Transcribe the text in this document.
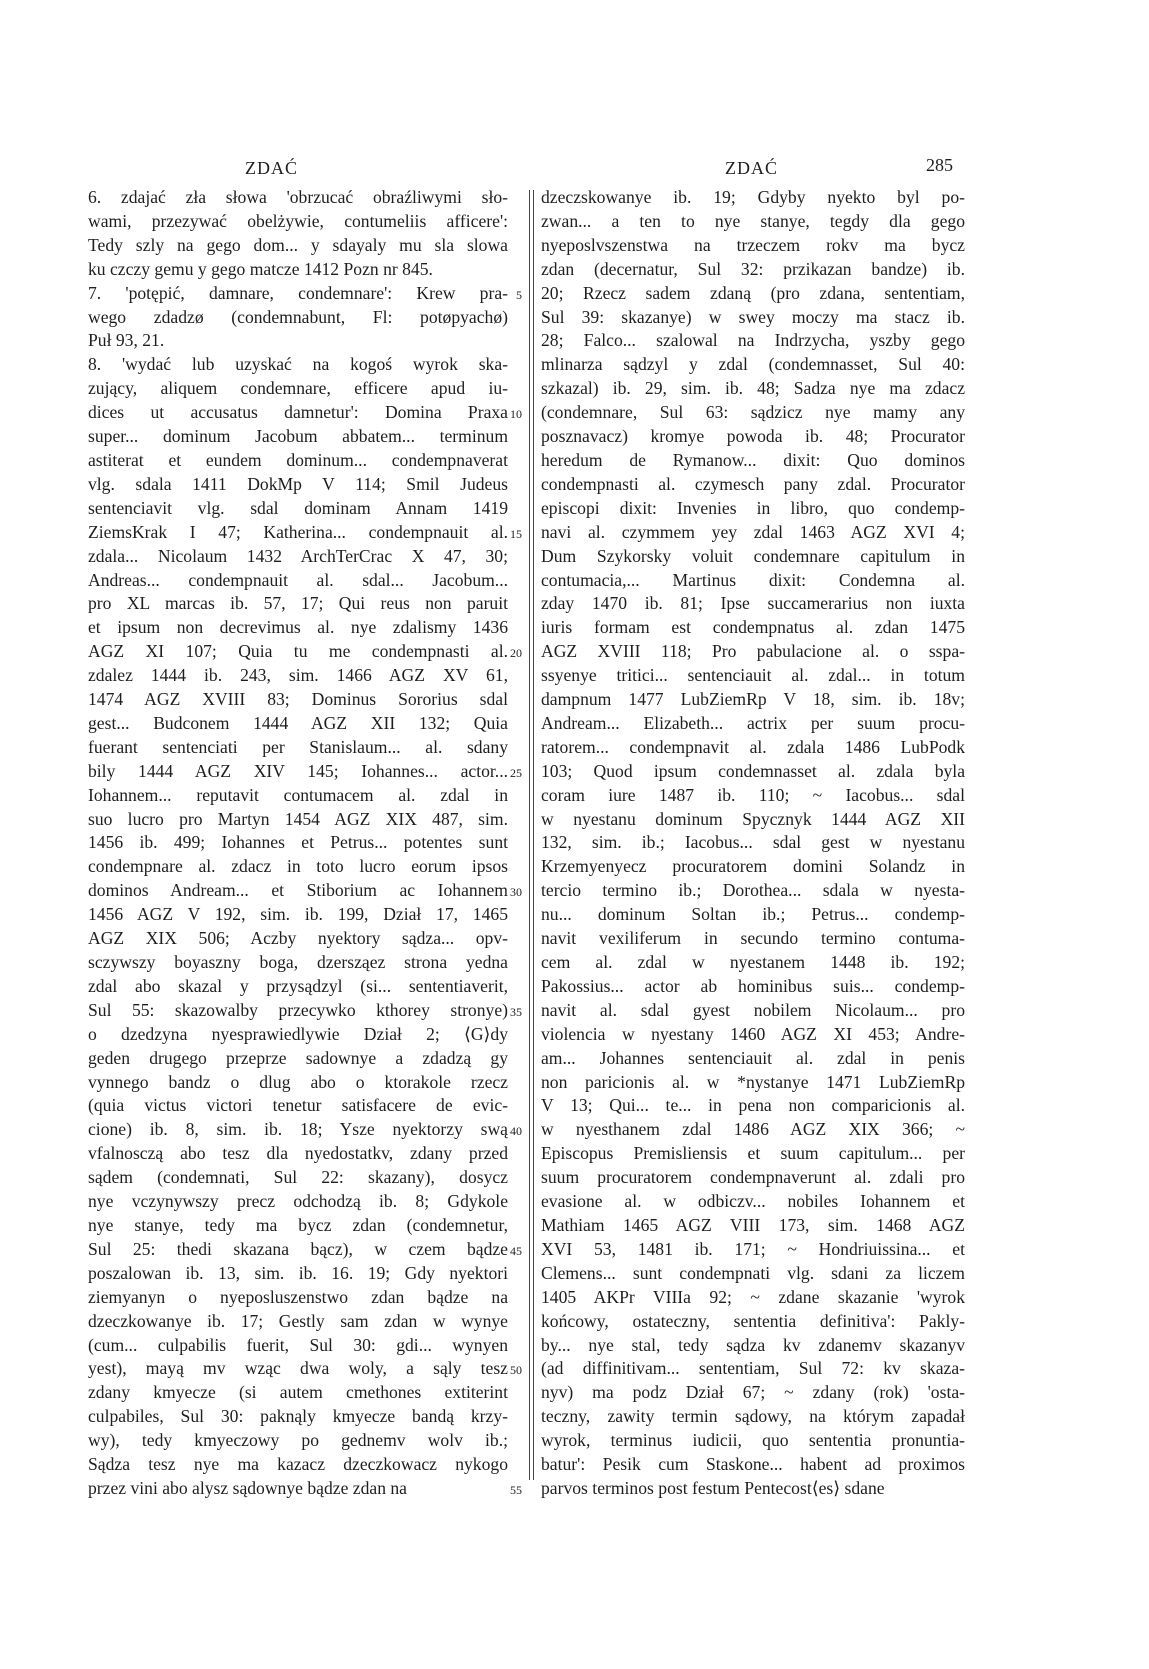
ZDAĆ	ZDAĆ	285
6. zdajać zła słowa 'obrzucać obraźliwymi sło-
wami, przezywać obelżywie, contumeliis afficere':
Tedy szly na gego dom... y sdayaly mu sla slowa
ku czczy gemu y gego matcze 1412 Pozn nr 845.
7. 'potępić, damnare, condemnare': Krew pra-
wego zdadzø (condemnabunt, Fl: potøpyachø)
Puł 93, 21.
8. 'wydać lub uzyskać na kogoś wyrok ska-
zujący, aliquem condemnare, efficere apud iu-
dices ut accusatus damnetur': Domina Praxa
super... dominum Jacobum abbatem... terminum
astiterat et eundem dominum... condempnaverat
vlg. sdala 1411 DokMp V 114; Smil Judeus
sentenciavit vlg. sdal dominam Annam 1419
ZiemsKrak I 47; Katherina... condempnauit al.
zdala... Nicolaum 1432 ArchTerCrac X 47, 30;
Andreas... condempnauit al. sdal... Jacobum...
pro XL marcas ib. 57, 17; Qui reus non paruit
et ipsum non decrevimus al. nye zdalismy 1436
AGZ XI 107; Quia tu me condempnasti al.
zdalez 1444 ib. 243, sim. 1466 AGZ XV 61,
1474 AGZ XVIII 83; Dominus Sororius sdal
gest... Budconem 1444 AGZ XII 132; Quia
fuerant sentenciati per Stanislaum... al. sdany
bily 1444 AGZ XIV 145; Iohannes... actor...
Iohannem... reputavit contumacem al. zdal in
suo lucro pro Martyn 1454 AGZ XIX 487, sim.
1456 ib. 499; Iohannes et Petrus... potentes sunt
condempnare al. zdacz in toto lucro eorum ipsos
dominos Andream... et Stiborium ac Iohannem
1456 AGZ V 192, sim. ib. 199, Dział 17, 1465
AGZ XIX 506; Aczby nyektory sądza... opv-
sczywszy boyaszny boga, dzersząez strona yedna
zdal abo skazal y przysądzyl (si... sententiaverit,
Sul 55: skazowalby przecywko kthorey stronye)
o dzedzyna nyesprawiedlywie Dział 2; ⟨G⟩dy
geden drugego przeprze sadownye a zdadzą gy
vynnego bandz o dlug abo o ktorakole rzecz
(quia victus victori tenetur satisfacere de evic-
cione) ib. 8, sim. ib. 18; Ysze nyektorzy swą
vfalnosczą abo tesz dla nyedostatkv, zdany przed
sądem (condemnati, Sul 22: skazany), dosycz
nye vczynywszy precz odchodzą ib. 8; Gdykole
nye stanye, tedy ma bycz zdan (condemnetur,
Sul 25: thedi skazana bącz), w czem bądze
poszalowan ib. 13, sim. ib. 16. 19; Gdy nyektori
ziemyanyn o nyeposluszenstwo zdan bądze na
dzeczkowanye ib. 17; Gestly sam zdan w wynye
(cum... culpabilis fuerit, Sul 30: gdi... wynyen
yest), mayą mv wząc dwa woly, a sąly tesz
zdany kmyecze (si autem cmethones extiterint
culpabiles, Sul 30: paknąly kmyecze bandą krzy-
wy), tedy kmyeczowy po gednemv wolv ib.;
Sądza tesz nye ma kazacz dzeczkowacz nykogo
przez vini abo alysz sądownye bądze zdan na
5
10
15
20
25
30
35
40
45
50
55
dzeczskowanye ib. 19; Gdyby nyekto byl po-
zwan... a ten to nye stanye, tegdy dla gego
nyeposlvszenstwa na trzeczem rokv ma bycz
zdan (decernatur, Sul 32: przikazan bandze) ib.
20; Rzecz sadem zdaną (pro zdana, sententiam,
Sul 39: skazanye) w swey moczy ma stacz ib.
28; Falco... szalowal na Indrzycha, yszby gego
mlinarza sądzyl y zdal (condemnasset, Sul 40:
szkazal) ib. 29, sim. ib. 48; Sadza nye ma zdacz
(condemnare, Sul 63: sądzicz nye mamy any
posznavacz) kromye powoda ib. 48; Procurator
heredum de Rymanow... dixit: Quo dominos
condempnasti al. czymesch pany zdal. Procurator
episcopi dixit: Invenies in libro, quo condemp-
navi al. czymmem yey zdal 1463 AGZ XVI 4;
Dum Szykorsky voluit condemnare capitulum in
contumacia,... Martinus dixit: Condemna al.
zday 1470 ib. 81; Ipse succamerarius non iuxta
iuris formam est condempnatus al. zdan 1475
AGZ XVIII 118; Pro pabulacione al. o sspa-
ssyenye tritici... sentenciauit al. zdal... in totum
dampnum 1477 LubZiemRp V 18, sim. ib. 18v;
Andream... Elizabeth... actrix per suum procu-
ratorem... condempnavit al. zdala 1486 LubPodk
103; Quod ipsum condemnasset al. zdala byla
coram iure 1487 ib. 110; ~ Iacobus... sdal
w nyestanu dominum Spycznyk 1444 AGZ XII
132, sim. ib.; Iacobus... sdal gest w nyestanu
Krzemyenyecz procuratorem domini Solandz in
tercio termino ib.; Dorothea... sdala w nyesta-
nu... dominum Soltan ib.; Petrus... condemp-
navit vexiliferum in secundo termino contuma-
cem al. zdal w nyestanem 1448 ib. 192;
Pakossius... actor ab hominibus suis... condemp-
navit al. sdal gyest nobilem Nicolaum... pro
violencia w nyestany 1460 AGZ XI 453; Andre-
am... Johannes sentenciauit al. zdal in penis
non paricionis al. w *nystanye 1471 LubZiemRp
V 13; Qui... te... in pena non comparicionis al.
w nyesthanem zdal 1486 AGZ XIX 366; ~
Episcopus Premisliensis et suum capitulum... per
suum procuratorem condempnaverunt al. zdali pro
evasione al. w odbiczv... nobiles Iohannem et
Mathiam 1465 AGZ VIII 173, sim. 1468 AGZ
XVI 53, 1481 ib. 171; ~ Hondriuissina... et
Clemens... sunt condempnati vlg. sdani za liczem
1405 AKPr VIIIa 92; ~ zdane skazanie 'wyrok
końcowy, ostateczny, sententia definitiva': Pakly-
by... nye stal, tedy sądza kv zdanemv skazanyv
(ad diffinitivam... sententiam, Sul 72: kv skaza-
nyv) ma podz Dział 67; ~ zdany (rok) 'osta-
teczny, zawity termin sądowy, na którym zapadał
wyrok, terminus iudicii, quo sententia pronuntia-
batur': Pesik cum Staskone... habent ad proximos
parvos terminos post festum Pentecost⟨es⟩ sdane
